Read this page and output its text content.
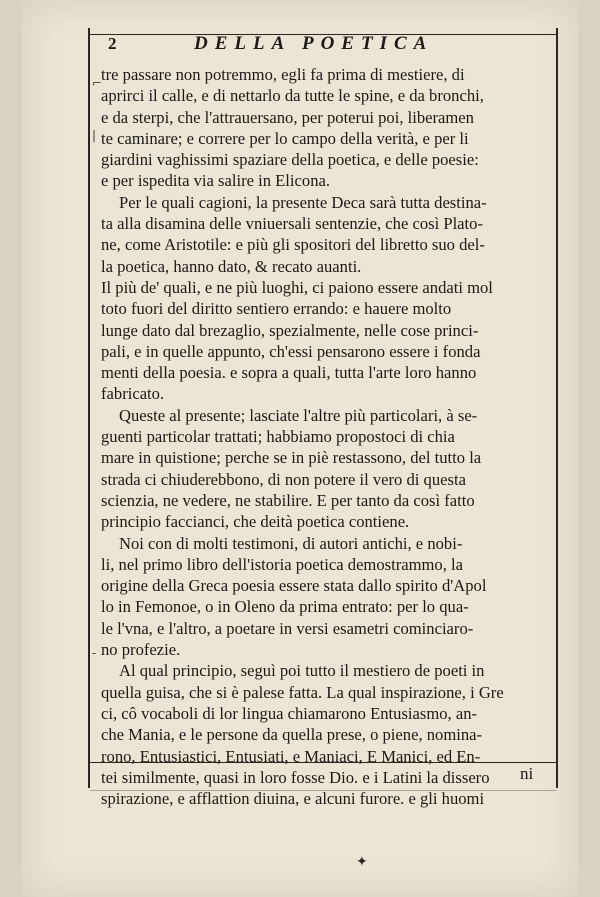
2	DELLA POETICA
⌐
|
-
tre passare non potremmo, egli fa prima di mestiere, di
aprirci il calle, e di nettarlo da tutte le spine, e da bronchi,
e da sterpi, che l'attrauersano, per poterui poi, liberamen
te caminare; e correre per lo campo della verità, e per li
giardini vaghissimi spaziare della poetica, e delle poesie:
e per ispedita via salire in Elicona.
Per le quali cagioni, la presente Deca sarà tutta destina-
ta alla disamina delle vniuersali sentenzie, che così Plato-
ne, come Aristotile: e più gli spositori del libretto suo del-
la poetica, hanno dato, & recato auanti.
Il più de' quali, e ne più luoghi, ci paiono essere andati mol
toto fuori del diritto sentiero errando: e hauere molto
lunge dato dal brezaglio, spezialmente, nelle cose princi-
pali, e in quelle appunto, ch'essi pensarono essere i fonda
menti della poesia. e sopra a quali, tutta l'arte loro hanno
fabricato.
Queste al presente; lasciate l'altre più particolari, à se-
guenti particolar trattati; habbiamo propostoci di chia
mare in quistione; perche se in piè restassono, del tutto la
strada ci chiuderebbono, di non potere il vero di questa
scienzia, ne vedere, ne stabilire. E per tanto da così fatto
principio faccianci, che deità poetica contiene.
Noi con di molti testimoni, di autori antichi, e nobi-
li, nel primo libro dell'istoria poetica demostrammo, la
origine della Greca poesia essere stata dallo spirito d'Apol
lo in Femonoe, o in Oleno da prima entrato: per lo qua-
le l'vna, e l'altro, a poetare in versi esametri cominciaro-
no profezie.
Al qual principio, seguì poi tutto il mestiero de poeti in
quella guisa, che si è palese fatta. La qual inspirazione, i Gre
ci, cô vocaboli di lor lingua chiamarono Entusiasmo, an-
che Mania, e le persone da quella prese, o piene, nomina-
rono, Entusiastici, Entusiati, e Maniaci, E Manici, ed En-
tei similmente, quasi in loro fosse Dio. e i Latini la dissero
spirazione, e afflattion diuina, e alcuni furore. e gli huomi
ni
✦
